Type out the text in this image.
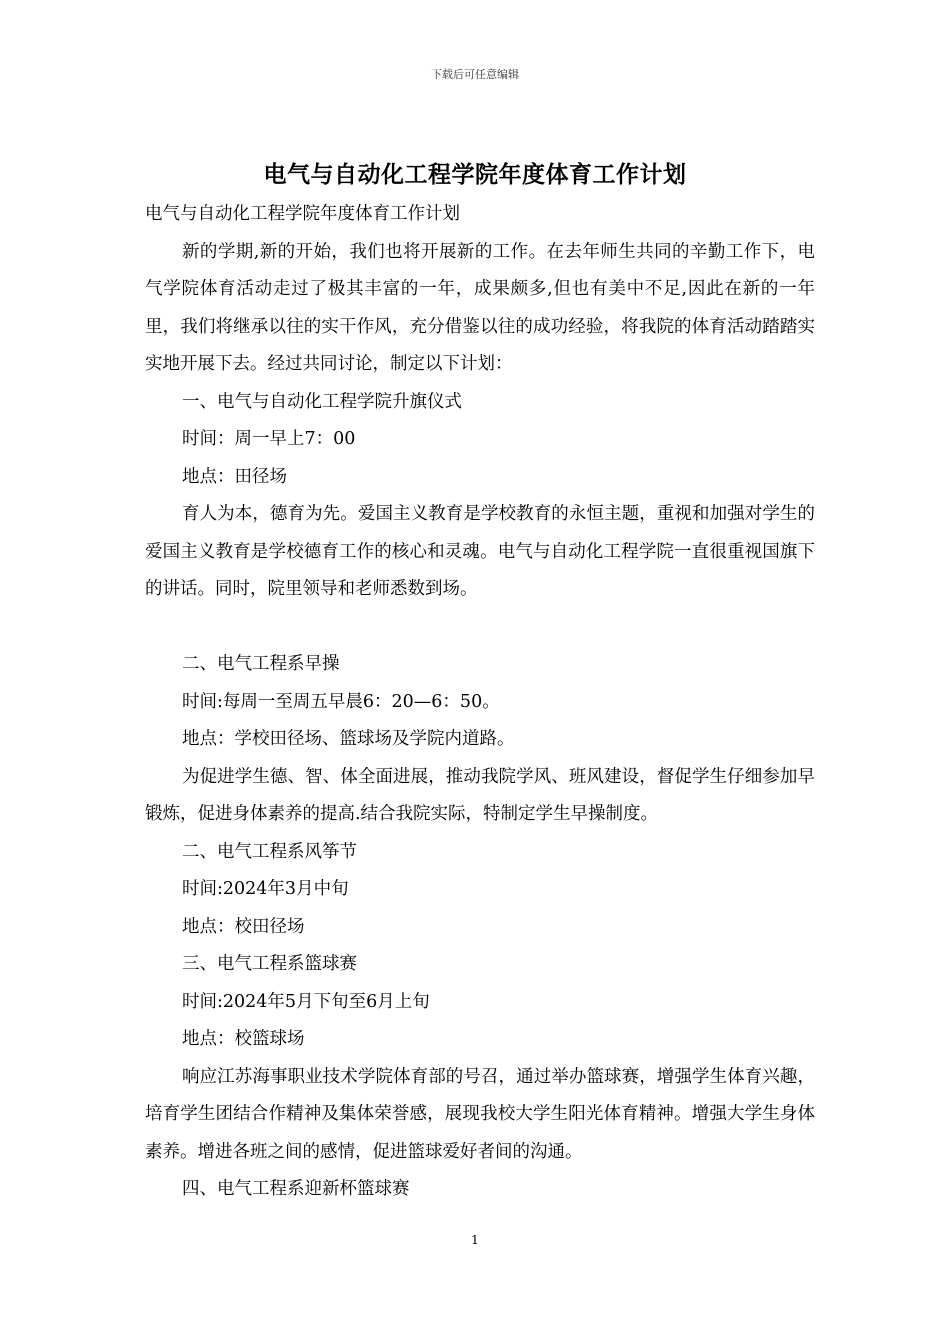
下载后可任意编辑
电气与自动化工程学院年度体育工作计划

电气与自动化工程学院年度体育工作计划

新的学期,新的开始，我们也将开展新的工作。在去年师生共同的辛勤工作下，电气学院体育活动走过了极其丰富的一年，成果颇多,但也有美中不足,因此在新的一年里，我们将继承以往的实干作风，充分借鉴以往的成功经验，将我院的体育活动踏踏实实地开展下去。经过共同讨论，制定以下计划：

一、电气与自动化工程学院升旗仪式

时间：周一早上7：00

地点：田径场

育人为本，德育为先。爱国主义教育是学校教育的永恒主题，重视和加强对学生的爱国主义教育是学校德育工作的核心和灵魂。电气与自动化工程学院一直很重视国旗下的讲话。同时，院里领导和老师悉数到场。

二、电气工程系早操

时间:每周一至周五早晨6：20—6：50。

地点：学校田径场、篮球场及学院内道路。

为促进学生德、智、体全面进展，推动我院学风、班风建设，督促学生仔细参加早锻炼，促进身体素养的提高.结合我院实际，特制定学生早操制度。

二、电气工程系风筝节

时间:2024年3月中旬

地点：校田径场

三、电气工程系篮球赛

时间:2024年5月下旬至6月上旬

地点：校篮球场

响应江苏海事职业技术学院体育部的号召，通过举办篮球赛，增强学生体育兴趣，培育学生团结合作精神及集体荣誉感，展现我校大学生阳光体育精神。增强大学生身体素养。增进各班之间的感情，促进篮球爱好者间的沟通。

四、电气工程系迎新杯篮球赛

1
